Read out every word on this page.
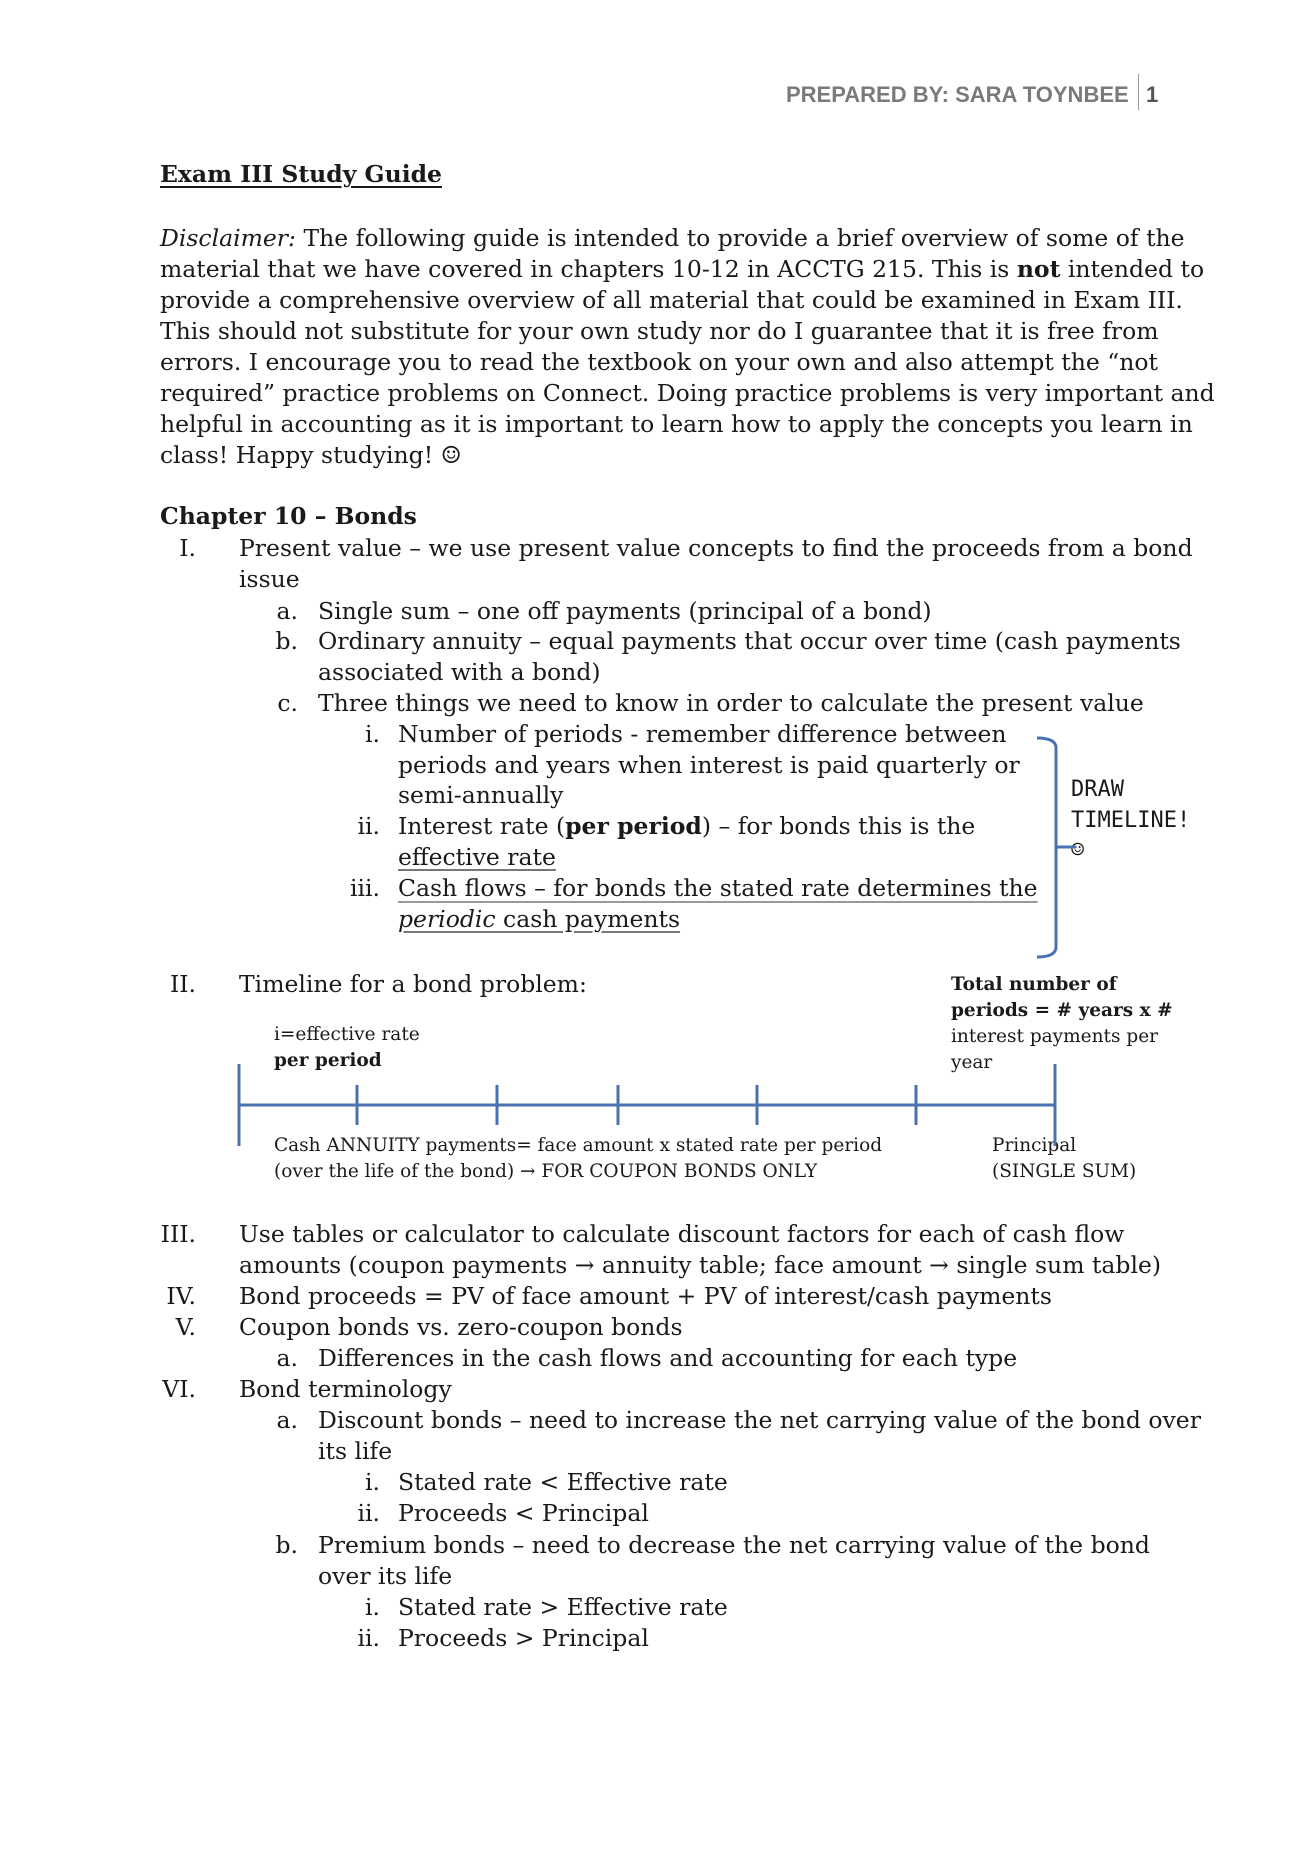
PREPARED BY: SARA TOYNBEE 1
Exam III Study Guide

Disclaimer: The following guide is intended to provide a brief overview of some of the

material that we have covered in chapters 10-12 in ACCTG 215. This is not intended to

provide a comprehensive overview of all material that could be examined in Exam III.

This should not substitute for your own study nor do I guarantee that it is free from

errors. I encourage you to read the textbook on your own and also attempt the “not

required” practice problems on Connect. Doing practice problems is very important and

helpful in accounting as it is important to learn how to apply the concepts you learn in

class! Happy studying! ☺

Chapter 10 – Bonds
I. Present value – we use present value concepts to find the proceeds from a bond
issue
a. Single sum – one off payments (principal of a bond)
b. Ordinary annuity – equal payments that occur over time (cash payments
associated with a bond)
c. Three things we need to know in order to calculate the present value
i. Number of periods - remember difference between
periods and years when interest is paid quarterly or
semi-annually
ii. Interest rate (per period) – for bonds this is the
effective rate
iii. Cash flows – for bonds the stated rate determines the
periodic cash payments
DRAW
TIMELINE!
☺
II. Timeline for a bond problem:
i=effective rate
per period
Total number of
periods = # years x #
interest payments per
year
Cash ANNUITY payments= face amount x stated rate per period
(over the life of the bond) → FOR COUPON BONDS ONLY
Principal
(SINGLE SUM)
III. Use tables or calculator to calculate discount factors for each of cash flow
amounts (coupon payments → annuity table; face amount → single sum table)
IV. Bond proceeds = PV of face amount + PV of interest/cash payments
V. Coupon bonds vs. zero-coupon bonds
a. Differences in the cash flows and accounting for each type
VI. Bond terminology
a. Discount bonds – need to increase the net carrying value of the bond over
its life
i. Stated rate < Effective rate
ii. Proceeds < Principal
b. Premium bonds – need to decrease the net carrying value of the bond
over its life
i. Stated rate > Effective rate
ii. Proceeds > Principal
